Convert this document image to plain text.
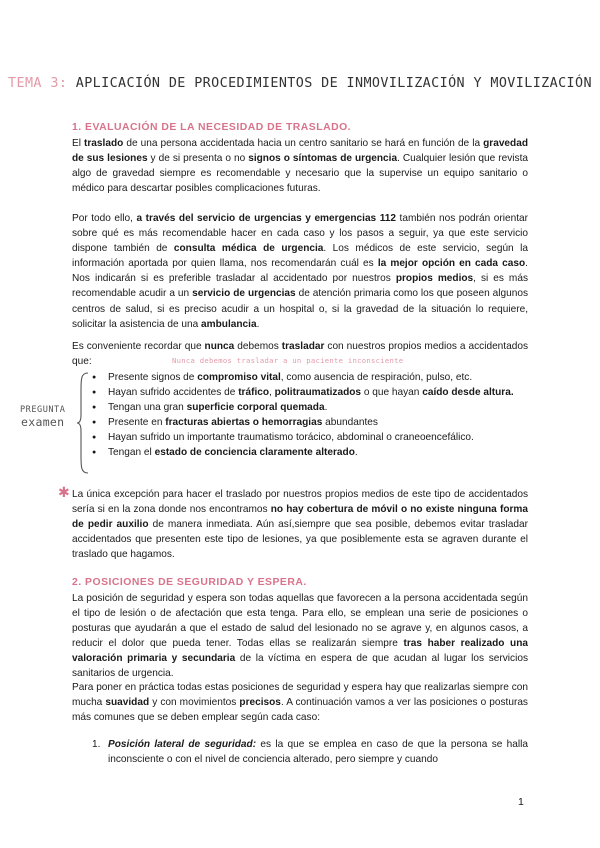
TEMA 3: APLICACIÓN DE PROCEDIMIENTOS DE INMOVILIZACIÓN Y MOVILIZACIÓN
1. EVALUACIÓN DE LA NECESIDAD DE TRASLADO.

El traslado de una persona accidentada hacia un centro sanitario se hará en función de la gravedad de sus lesiones y de si presenta o no signos o síntomas de urgencia. Cualquier lesión que revista algo de gravedad siempre es recomendable y necesario que la supervise un equipo sanitario o médico para descartar posibles complicaciones futuras.

Por todo ello, a través del servicio de urgencias y emergencias 112 también nos podrán orientar sobre qué es más recomendable hacer en cada caso y los pasos a seguir, ya que este servicio dispone también de consulta médica de urgencia. Los médicos de este servicio, según la información aportada por quien llama, nos recomendarán cuál es la mejor opción en cada caso. Nos indicarán si es preferible trasladar al accidentado por nuestros propios medios, si es más recomendable acudir a un servicio de urgencias de atención primaria como los que poseen algunos centros de salud, si es preciso acudir a un hospital o, si la gravedad de la situación lo requiere, solicitar la asistencia de una ambulancia.

Es conveniente recordar que nunca debemos trasladar con nuestros propios medios a accidentados que:	Nunca debemos trasladar a un paciente inconsciente
PREGUNTA
examen
● Presente signos de compromiso vital, como ausencia de respiración, pulso, etc.
● Hayan sufrido accidentes de tráfico, politraumatizados o que hayan caído desde altura.
● Tengan una gran superficie corporal quemada.
● Presente en fracturas abiertas o hemorragias abundantes
● Hayan sufrido un importante traumatismo torácico, abdominal o craneoencefálico.
● Tengan el estado de conciencia claramente alterado.
✱ La única excepción para hacer el traslado por nuestros propios medios de este tipo de accidentados sería si en la zona donde nos encontramos no hay cobertura de móvil o no existe ninguna forma de pedir auxilio de manera inmediata. Aún así,siempre que sea posible, debemos evitar trasladar accidentados que presenten este tipo de lesiones, ya que posiblemente esta se agraven durante el traslado que hagamos.

2. POSICIONES DE SEGURIDAD Y ESPERA.

La posición de seguridad y espera son todas aquellas que favorecen a la persona accidentada según el tipo de lesión o de afectación que esta tenga. Para ello, se emplean una serie de posiciones o posturas que ayudarán a que el estado de salud del lesionado no se agrave y, en algunos casos, a reducir el dolor que pueda tener. Todas ellas se realizarán siempre tras haber realizado una valoración primaria y secundaria de la víctima en espera de que acudan al lugar los servicios sanitarios de urgencia.

Para poner en práctica todas estas posiciones de seguridad y espera hay que realizarlas siempre con mucha suavidad y con movimientos precisos. A continuación vamos a ver las posiciones o posturas más comunes que se deben emplear según cada caso:

1. Posición lateral de seguridad: es la que se emplea en caso de que la persona se halla inconsciente o con el nivel de conciencia alterado, pero siempre y cuando
1
